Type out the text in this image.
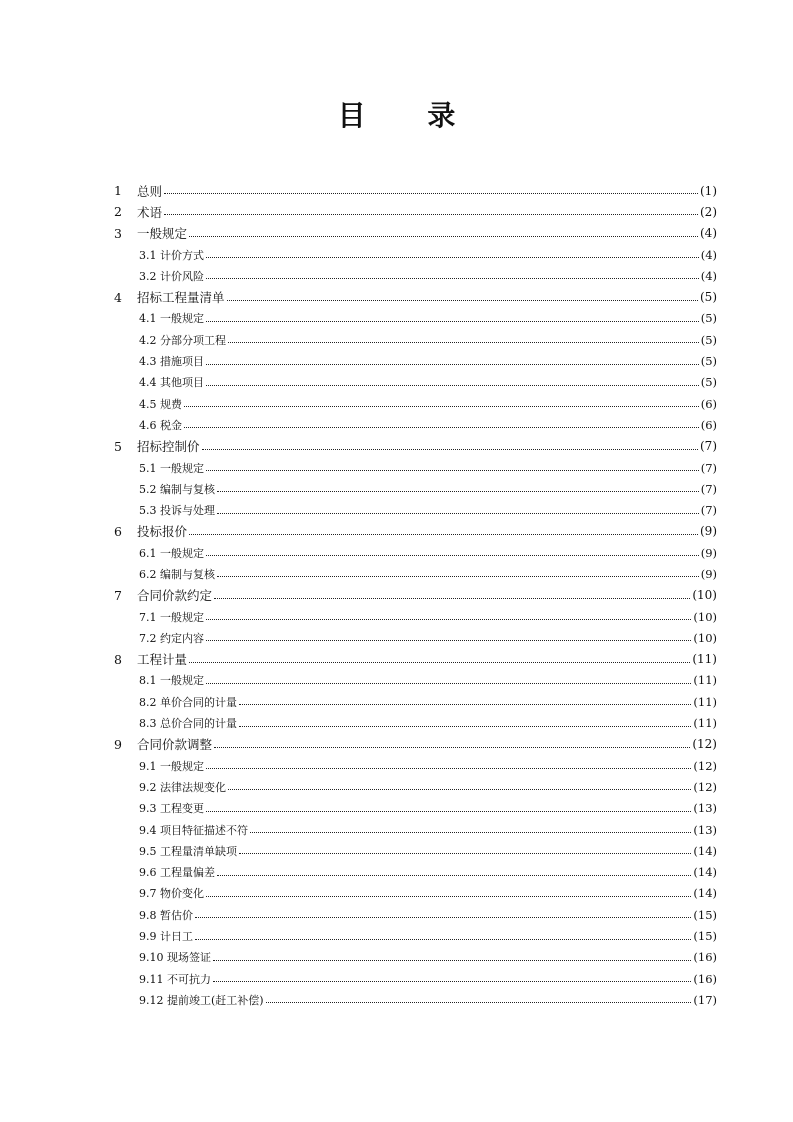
目 录
1	总则	(1)
2	术语	(2)
3	一般规定	(4)
3.1 计价方式	(4)
3.2 计价风险	(4)
4	招标工程量清单	(5)
4.1 一般规定	(5)
4.2 分部分项工程	(5)
4.3 措施项目	(5)
4.4 其他项目	(5)
4.5 规费	(6)
4.6 税金	(6)
5	招标控制价	(7)
5.1 一般规定	(7)
5.2 编制与复核	(7)
5.3 投诉与处理	(7)
6	投标报价	(9)
6.1 一般规定	(9)
6.2 编制与复核	(9)
7	合同价款约定	(10)
7.1 一般规定	(10)
7.2 约定内容	(10)
8	工程计量	(11)
8.1 一般规定	(11)
8.2 单价合同的计量	(11)
8.3 总价合同的计量	(11)
9	合同价款调整	(12)
9.1 一般规定	(12)
9.2 法律法规变化	(12)
9.3 工程变更	(13)
9.4 项目特征描述不符	(13)
9.5 工程量清单缺项	(14)
9.6 工程量偏差	(14)
9.7 物价变化	(14)
9.8 暂估价	(15)
9.9 计日工	(15)
9.10 现场签证	(16)
9.11 不可抗力	(16)
9.12 提前竣工(赶工补偿)	(17)
